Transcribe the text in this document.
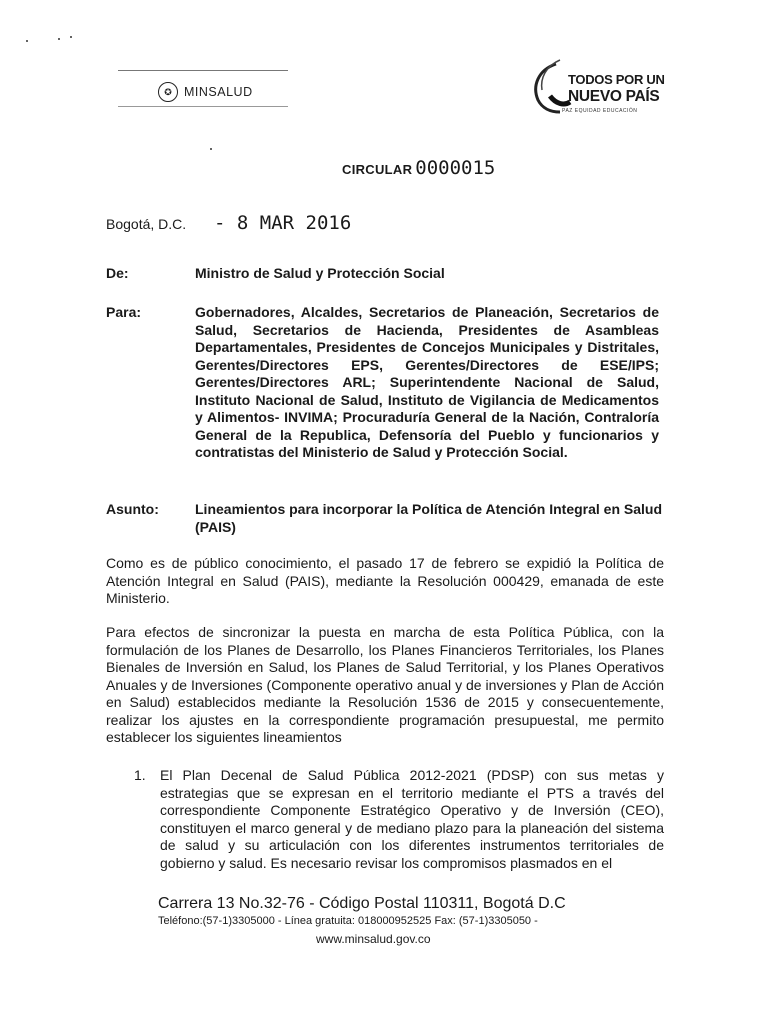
✪ MINSALUD
TODOS POR UN
NUEVO PAÍS
PAZ EQUIDAD EDUCACIÓN
CIRCULAR 0000015
Bogotá, D.C. - 8 MAR 2016
De:	Ministro de Salud y Protección Social
Para:	Gobernadores, Alcaldes, Secretarios de Planeación, Secretarios de Salud, Secretarios de Hacienda, Presidentes de Asambleas Departamentales, Presidentes de Concejos Municipales y Distritales, Gerentes/Directores EPS, Gerentes/Directores de ESE/IPS; Gerentes/Directores ARL; Superintendente Nacional de Salud, Instituto Nacional de Salud, Instituto de Vigilancia de Medicamentos y Alimentos- INVIMA; Procuraduría General de la Nación, Contraloría General de la Republica, Defensoría del Pueblo y funcionarios y contratistas del Ministerio de Salud y Protección Social.
Asunto:	Lineamientos para incorporar la Política de Atención Integral en Salud (PAIS)
Como es de público conocimiento, el pasado 17 de febrero se expidió la Política de Atención Integral en Salud (PAIS), mediante la Resolución 000429, emanada de este Ministerio.
Para efectos de sincronizar la puesta en marcha de esta Política Pública, con la formulación de los Planes de Desarrollo, los Planes Financieros Territoriales, los Planes Bienales de Inversión en Salud, los Planes de Salud Territorial, y los Planes Operativos Anuales y de Inversiones (Componente operativo anual y de inversiones y Plan de Acción en Salud) establecidos mediante la Resolución 1536 de 2015 y consecuentemente, realizar los ajustes en la correspondiente programación presupuestal, me permito establecer los siguientes lineamientos
1.	El Plan Decenal de Salud Pública 2012-2021 (PDSP) con sus metas y estrategias que se expresan en el territorio mediante el PTS a través del correspondiente Componente Estratégico Operativo y de Inversión (CEO), constituyen el marco general y de mediano plazo para la planeación del sistema de salud y su articulación con los diferentes instrumentos territoriales de gobierno y salud. Es necesario revisar los compromisos plasmados en el
Carrera 13 No.32-76 - Código Postal 110311, Bogotá D.C
Teléfono:(57-1)3305000 - Línea gratuita: 018000952525 Fax: (57-1)3305050 -
www.minsalud.gov.co
